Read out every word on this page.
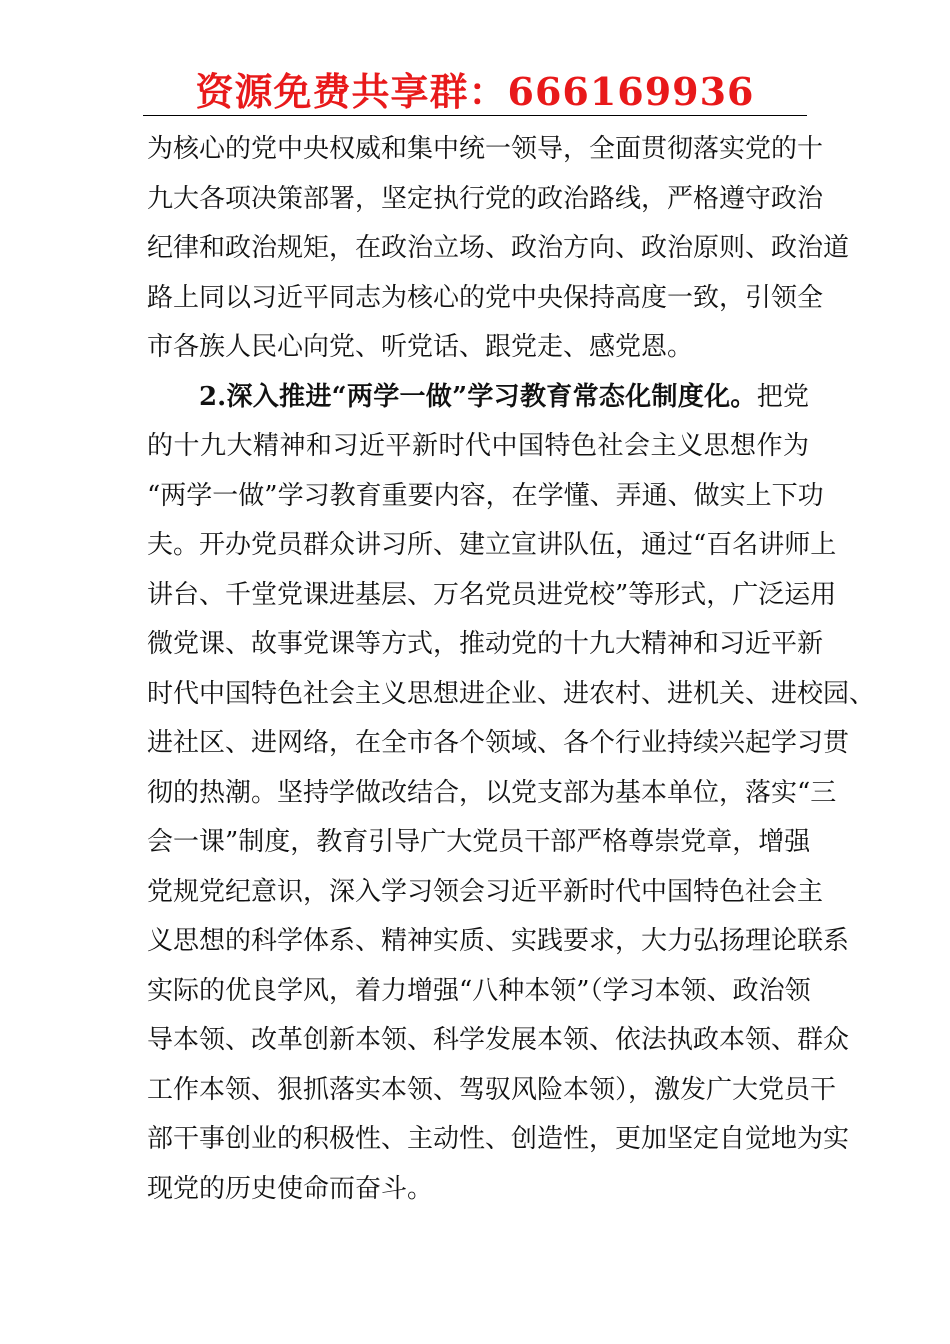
资源免费共享群：666169936
为核心的党中央权威和集中统一领导，全面贯彻落实党的十
九大各项决策部署，坚定执行党的政治路线，严格遵守政治
纪律和政治规矩，在政治立场、政治方向、政治原则、政治道
路上同以习近平同志为核心的党中央保持高度一致，引领全
市各族人民心向党、听党话、跟党走、感党恩。
2.深入推进“两学一做”学习教育常态化制度化。把党
的十九大精神和习近平新时代中国特色社会主义思想作为
“两学一做”学习教育重要内容，在学懂、弄通、做实上下功
夫。开办党员群众讲习所、建立宣讲队伍，通过“百名讲师上
讲台、千堂党课进基层、万名党员进党校”等形式，广泛运用
微党课、故事党课等方式，推动党的十九大精神和习近平新
时代中国特色社会主义思想进企业、进农村、进机关、进校园、
进社区、进网络，在全市各个领域、各个行业持续兴起学习贯
彻的热潮。坚持学做改结合，以党支部为基本单位，落实“三
会一课”制度，教育引导广大党员干部严格尊崇党章，增强
党规党纪意识，深入学习领会习近平新时代中国特色社会主
义思想的科学体系、精神实质、实践要求，大力弘扬理论联系
实际的优良学风，着力增强“八种本领”（学习本领、政治领
导本领、改革创新本领、科学发展本领、依法执政本领、群众
工作本领、狠抓落实本领、驾驭风险本领），激发广大党员干
部干事创业的积极性、主动性、创造性，更加坚定自觉地为实
现党的历史使命而奋斗。
